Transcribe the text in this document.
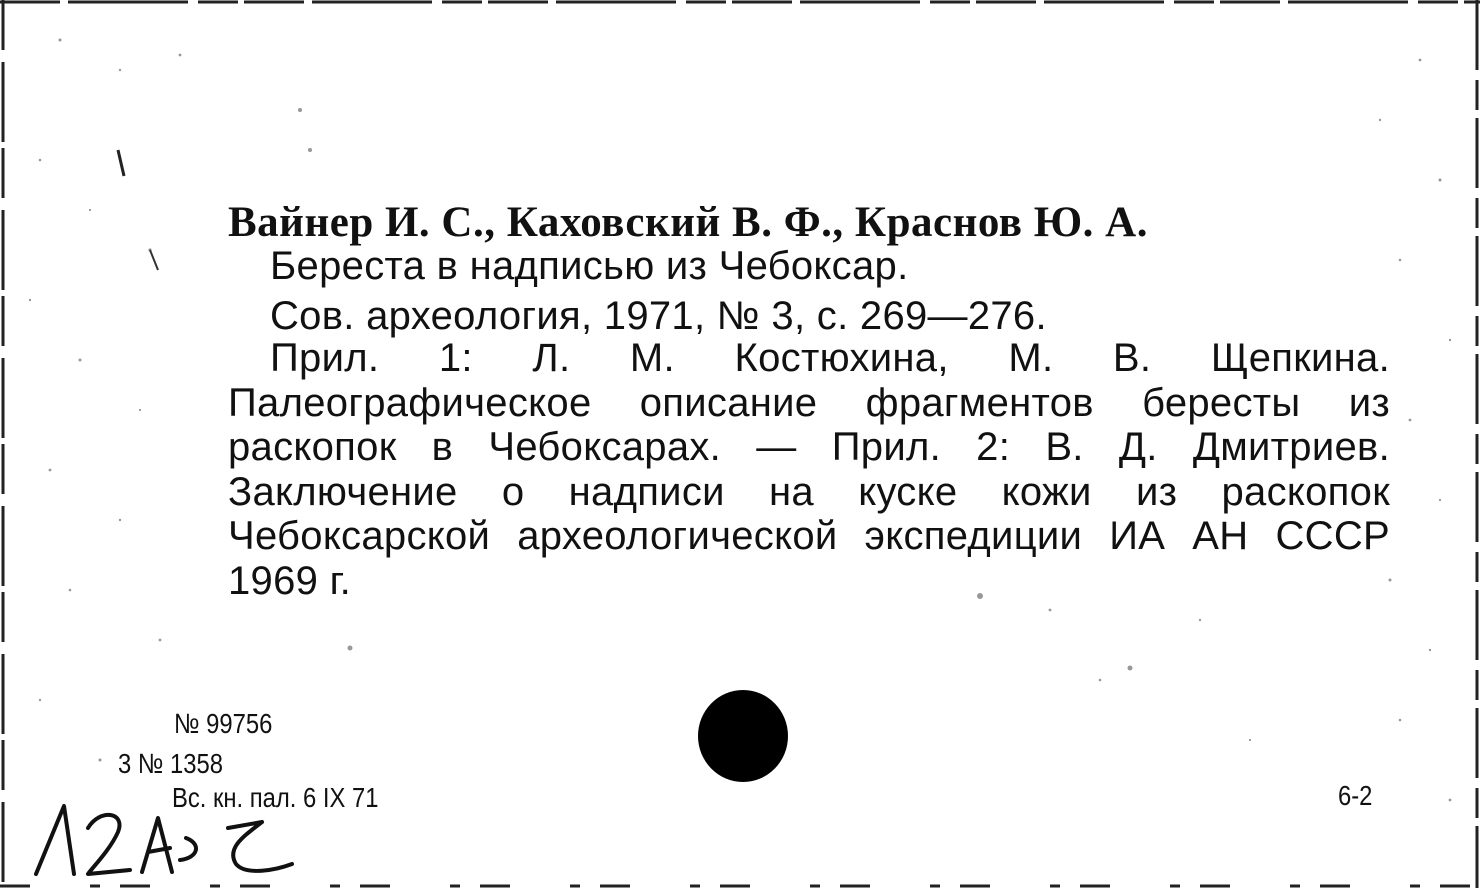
Вайнер И. С., Каховский В. Ф., Краснов Ю. А.
Береста в надписью из Чебоксар.
Сов. археология, 1971, № 3, с. 269—276.
Прил. 1: Л. М. Костюхина, М. В. Щепкина. Палеографическое описание фрагментов бересты из раскопок в Чебоксарах. — Прил. 2: В. Д. Дмитриев. Заключение о надписи на куске кожи из раскопок Чебоксарской археологической экспедиции ИА АН СССР 1969 г.
№ 99756
3 № 1358
Вс. кн. пал. 6 IX 71	6-2
